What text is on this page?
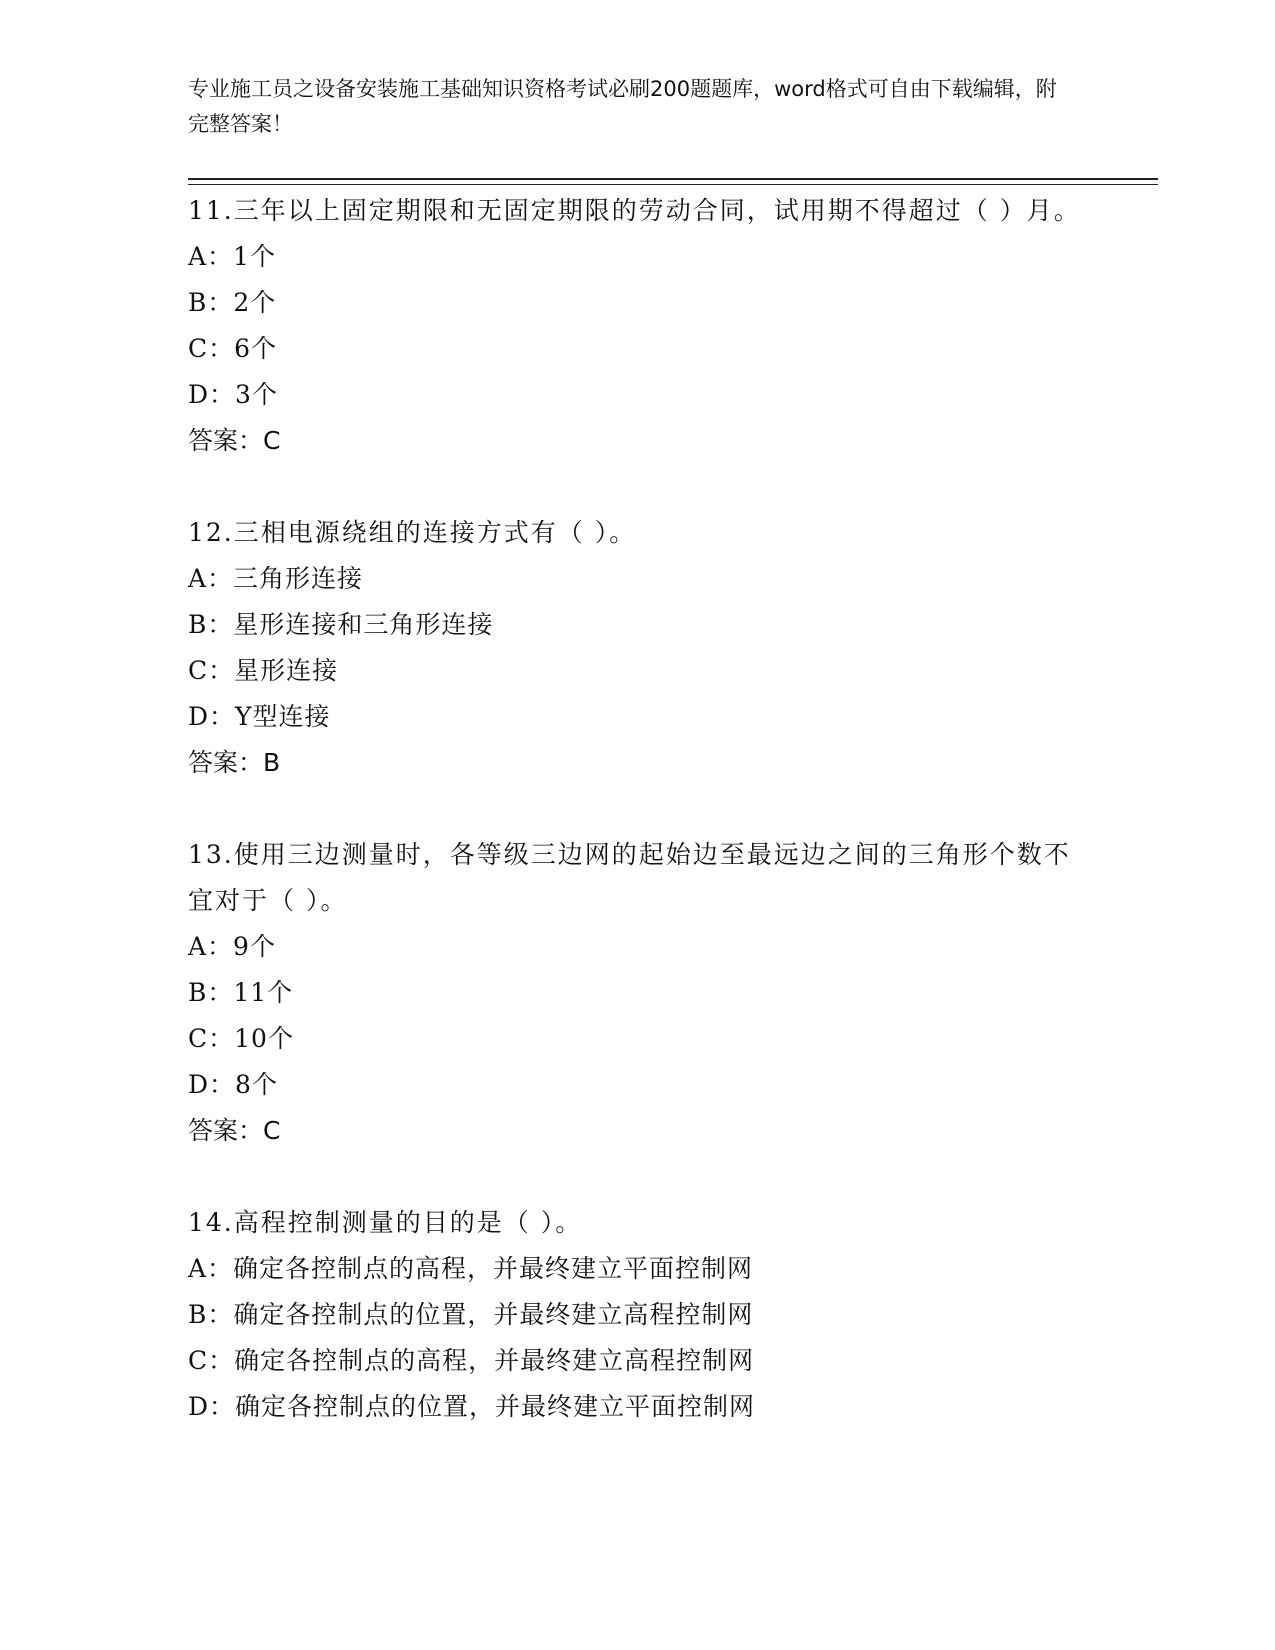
专业施工员之设备安装施工基础知识资格考试必刷200题题库，word格式可自由下载编辑，附完整答案！
11.三年以上固定期限和无固定期限的劳动合同，试用期不得超过（ ）月。
A：1个
B：2个
C：6个
D：3个
答案：C
12.三相电源绕组的连接方式有（ ）。
A：三角形连接
B：星形连接和三角形连接
C：星形连接
D：Y型连接
答案：B
13.使用三边测量时，各等级三边网的起始边至最远边之间的三角形个数不宜对于（ ）。
A：9个
B：11个
C：10个
D：8个
答案：C
14.高程控制测量的目的是（ ）。
A：确定各控制点的高程，并最终建立平面控制网
B：确定各控制点的位置，并最终建立高程控制网
C：确定各控制点的高程，并最终建立高程控制网
D：确定各控制点的位置，并最终建立平面控制网
